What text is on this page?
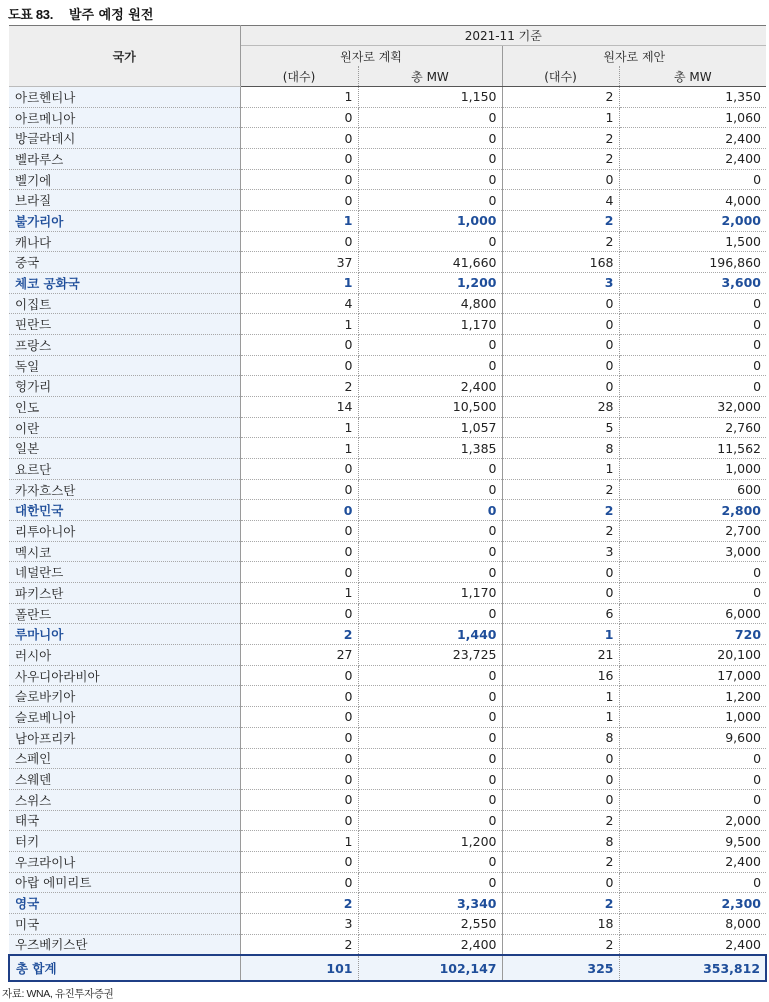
도표 83. 발주 예정 원전
국가	2021-11 기준			
	원자로 계획		원자로 제안	
	(대수)	총 MW	(대수)	총 MW
아르헨티나	1	1,150	2	1,350
아르메니아	0	0	1	1,060
방글라데시	0	0	2	2,400
벨라루스	0	0	2	2,400
벨기에	0	0	0	0
브라질	0	0	4	4,000
불가리아	1	1,000	2	2,000
캐나다	0	0	2	1,500
중국	37	41,660	168	196,860
체코 공화국	1	1,200	3	3,600
이집트	4	4,800	0	0
핀란드	1	1,170	0	0
프랑스	0	0	0	0
독일	0	0	0	0
헝가리	2	2,400	0	0
인도	14	10,500	28	32,000
이란	1	1,057	5	2,760
일본	1	1,385	8	11,562
요르단	0	0	1	1,000
카자흐스탄	0	0	2	600
대한민국	0	0	2	2,800
리투아니아	0	0	2	2,700
멕시코	0	0	3	3,000
네덜란드	0	0	0	0
파키스탄	1	1,170	0	0
폴란드	0	0	6	6,000
루마니아	2	1,440	1	720
러시아	27	23,725	21	20,100
사우디아라비아	0	0	16	17,000
슬로바키아	0	0	1	1,200
슬로베니아	0	0	1	1,000
남아프리카	0	0	8	9,600
스페인	0	0	0	0
스웨덴	0	0	0	0
스위스	0	0	0	0
태국	0	0	2	2,000
터키	1	1,200	8	9,500
우크라이나	0	0	2	2,400
아랍 에미리트	0	0	0	0
영국	2	3,340	2	2,300
미국	3	2,550	18	8,000
우즈베키스탄	2	2,400	2	2,400
총 합계	101	102,147	325	353,812
자료: WNA, 유진투자증권
